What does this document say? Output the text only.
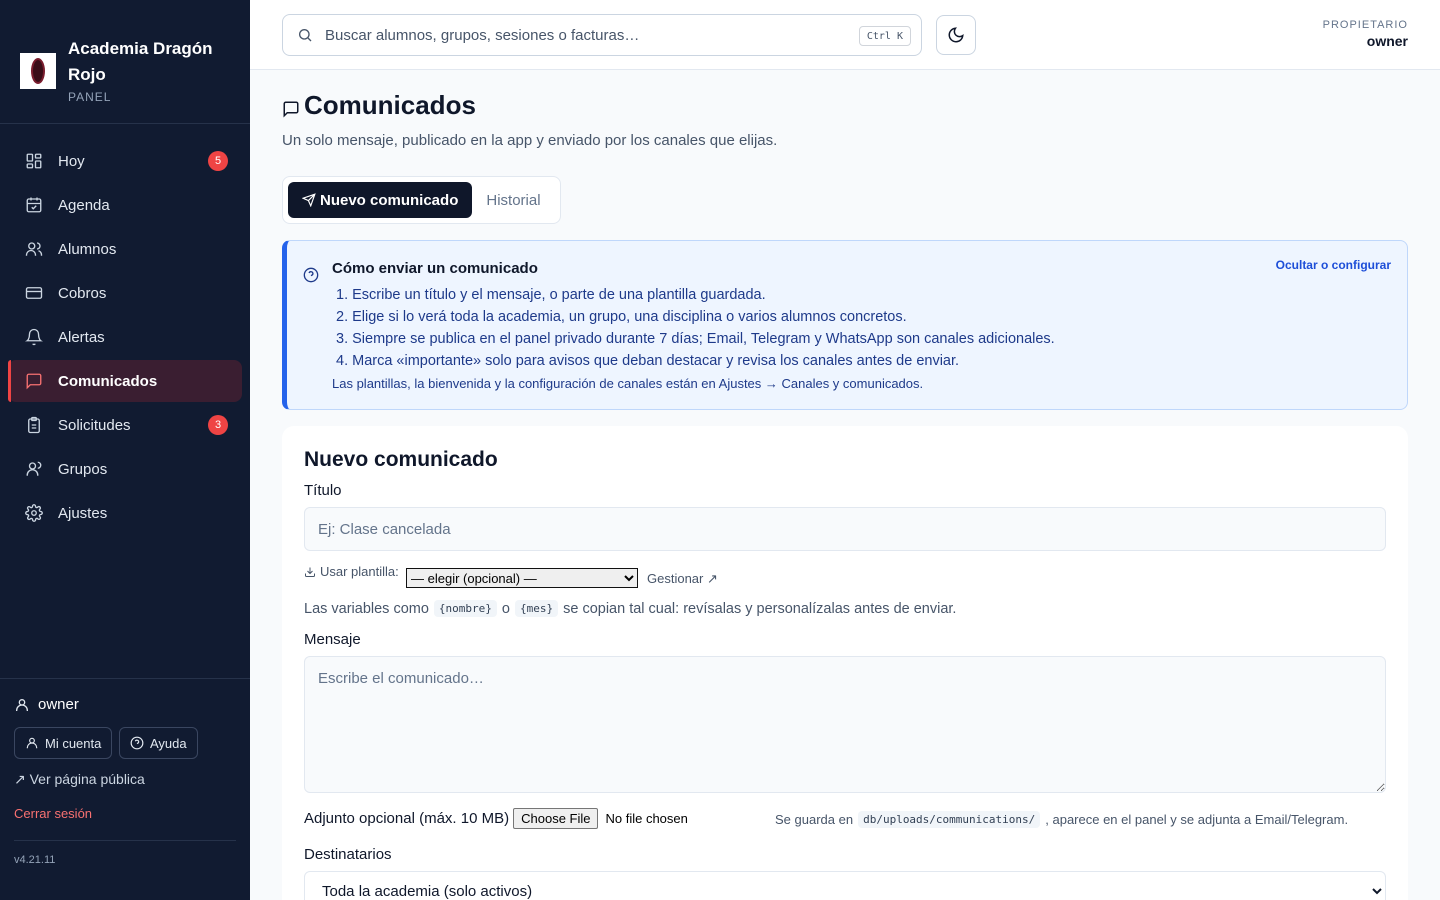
Academia Dragón Rojo
PANEL
Hoy	5
Agenda
Alumnos
Cobros
Alertas
Comunicados
Solicitudes	3
Grupos
Ajustes
owner
Mi cuenta	Ayuda
↗ Ver página pública
Cerrar sesión
v4.21.11
Buscar alumnos, grupos, sesiones o facturas…
Ctrl K
PROPIETARIO
owner
Comunicados

Un solo mensaje, publicado en la app y enviado por los canales que elijas.

Nuevo comunicado Historial
Cómo enviar un comunicado	Ocultar o configurar
1. Escribe un título y el mensaje, o parte de una plantilla guardada.
2. Elige si lo verá toda la academia, un grupo, una disciplina o varios alumnos concretos.
3. Siempre se publica en el panel privado durante 7 días; Email, Telegram y WhatsApp son canales adicionales.
4. Marca «importante» solo para avisos que deban destacar y revisa los canales antes de enviar.
Las plantillas, la bienvenida y la configuración de canales están en Ajustes → Canales y comunicados.
Nuevo comunicado
Título
Ej: Clase cancelada
Usar plantilla:
— elegir (opcional) —	Gestionar ↗
Las variables como {nombre} o {mes} se copian tal cual: revísalas y personalízalas antes de enviar.
Mensaje
Escribe el comunicado…
Adjunto opcional (máx. 10 MB) Choose File	No file chosen	Se guarda en db/uploads/communications/ , aparece en el panel y se adjunta a Email/Telegram.
Destinatarios
Toda la academia (solo activos)
